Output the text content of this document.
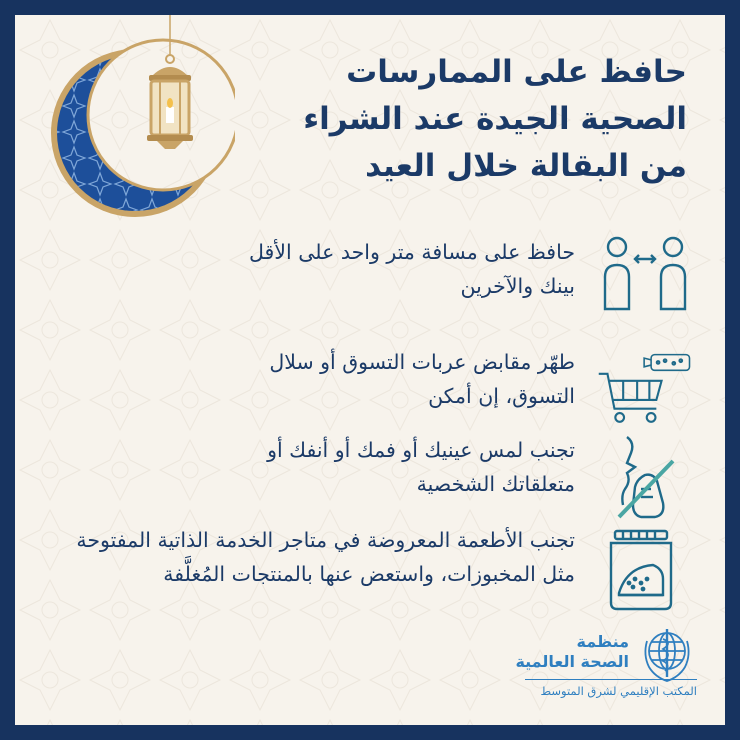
حافظ على الممارسات
الصحية الجيدة عند الشراء
من البقالة خلال العيد
حافظ على مسافة متر واحد على الأقل
بينك والآخرين
طهّر مقابض عربات التسوق أو سلال
التسوق، إن أمكن
تجنب لمس عينيك أو فمك أو أنفك أو
متعلقاتك الشخصية
تجنب الأطعمة المعروضة في متاجر الخدمة الذاتية المفتوحة
مثل المخبوزات، واستعض عنها بالمنتجات المُغلَّفة
منظمة
الصحة العالمية
المكتب الإقليمي لشرق المتوسط
